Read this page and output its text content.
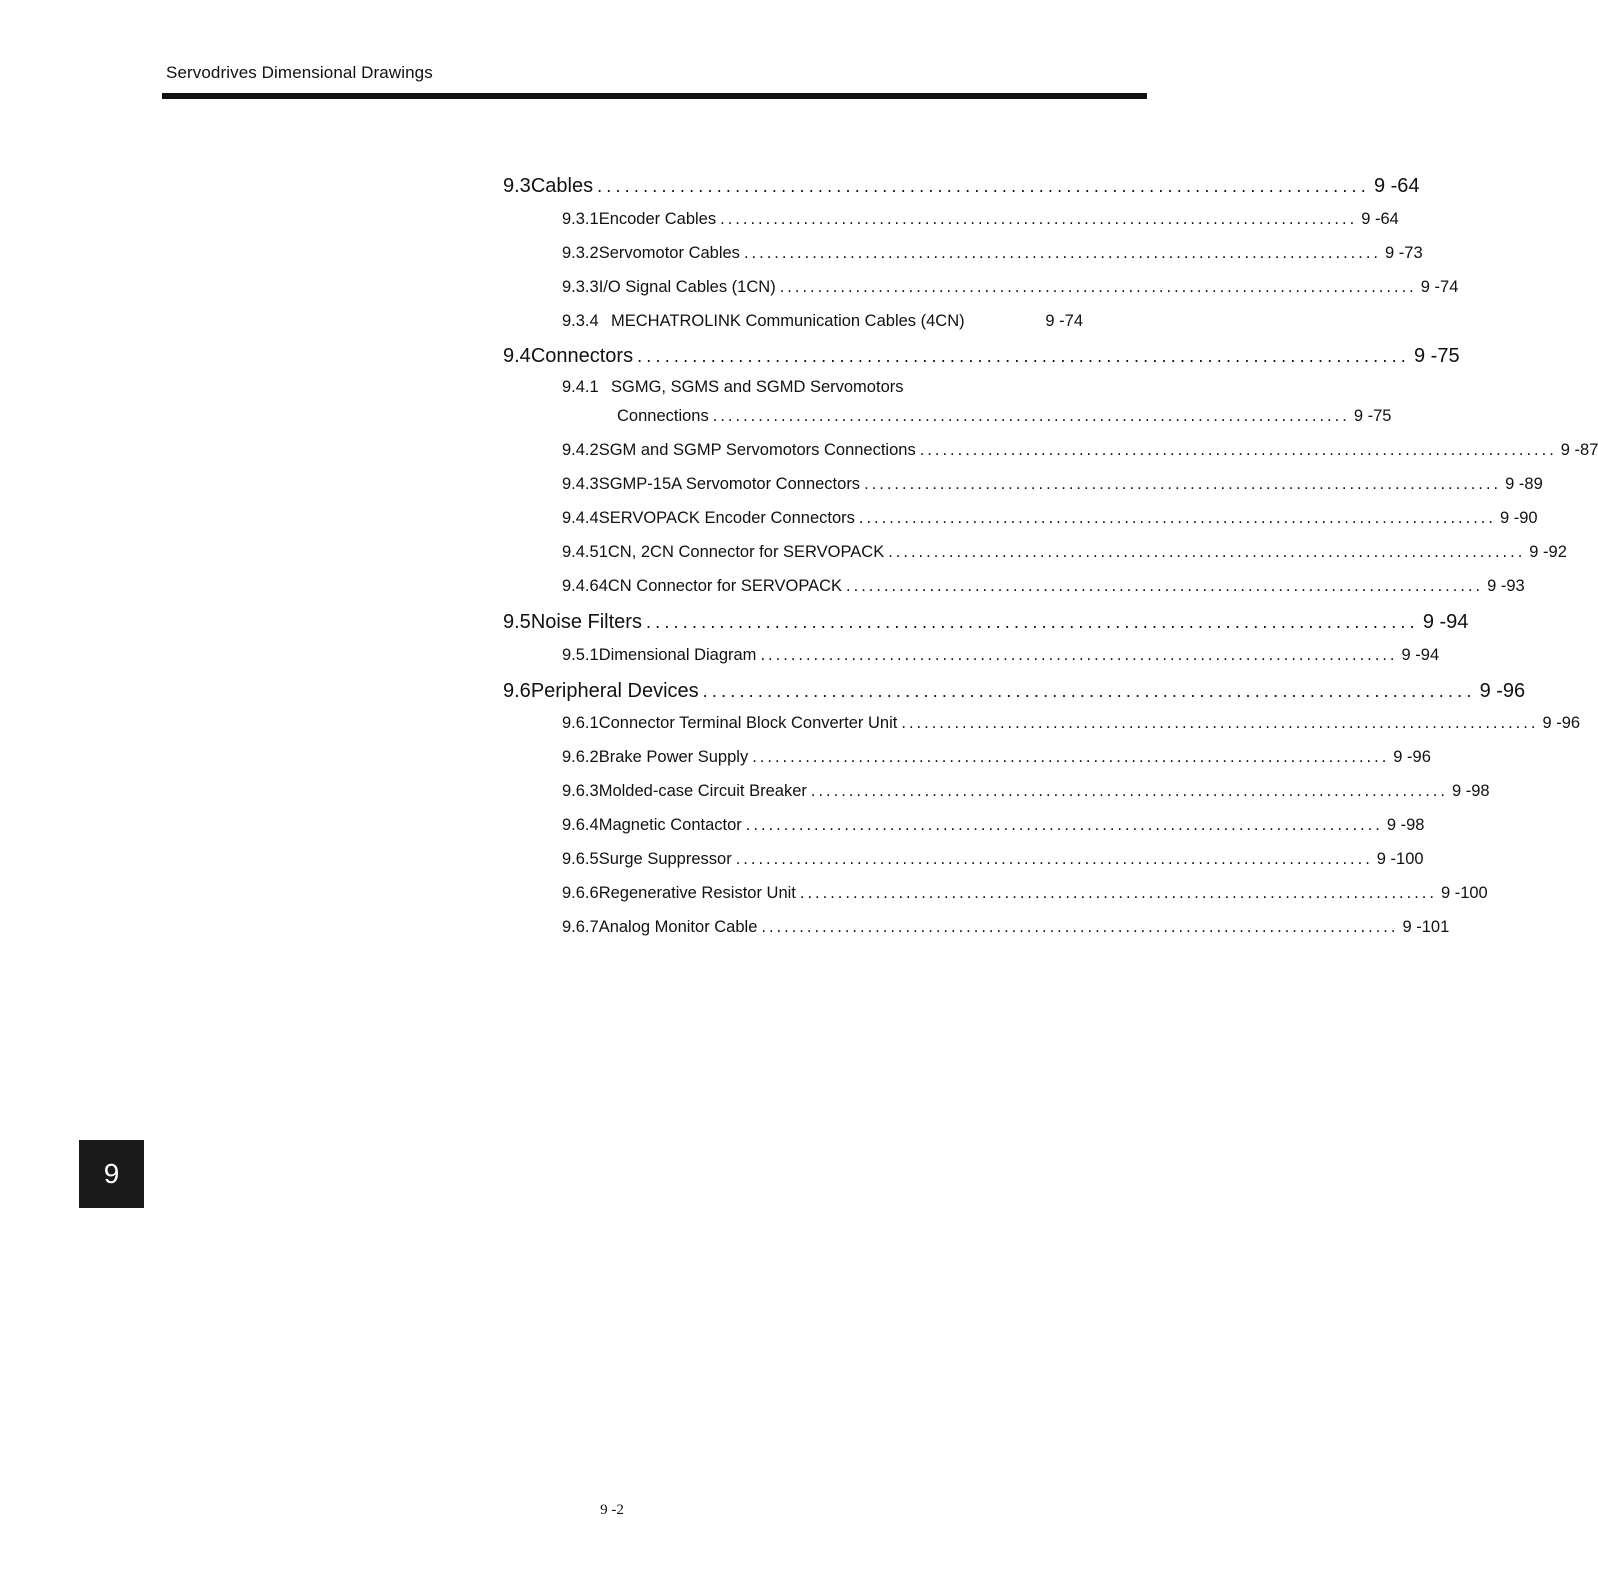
Servodrives Dimensional Drawings
9.3 Cables .................................................................................... 9 -64
9.3.1 Encoder Cables .................................................................................... 9 -64
9.3.2 Servomotor Cables .................................................................................... 9 -73
9.3.3 I/O Signal Cables (1CN) .................................................................................... 9 -74
9.3.4 MECHATROLINK Communication Cables (4CN)	9 -74
9.4 Connectors .................................................................................... 9 -75
9.4.1 SGMG, SGMS and SGMD Servomotors
Connections .................................................................................... 9 -75
9.4.2 SGM and SGMP Servomotors Connections .................................................................................... 9 -87
9.4.3 SGMP-15A Servomotor Connectors .................................................................................... 9 -89
9.4.4 SERVOPACK Encoder Connectors .................................................................................... 9 -90
9.4.5 1CN, 2CN Connector for SERVOPACK .................................................................................... 9 -92
9.4.6 4CN Connector for SERVOPACK .................................................................................... 9 -93
9.5 Noise Filters .................................................................................... 9 -94
9.5.1 Dimensional Diagram .................................................................................... 9 -94
9.6 Peripheral Devices .................................................................................... 9 -96
9.6.1 Connector Terminal Block Converter Unit .................................................................................... 9 -96
9.6.2 Brake Power Supply .................................................................................... 9 -96
9.6.3 Molded-case Circuit Breaker .................................................................................... 9 -98
9.6.4 Magnetic Contactor .................................................................................... 9 -98
9.6.5 Surge Suppressor .................................................................................... 9 -100
9.6.6 Regenerative Resistor Unit .................................................................................... 9 -100
9.6.7 Analog Monitor Cable .................................................................................... 9 -101
9
9 -2
